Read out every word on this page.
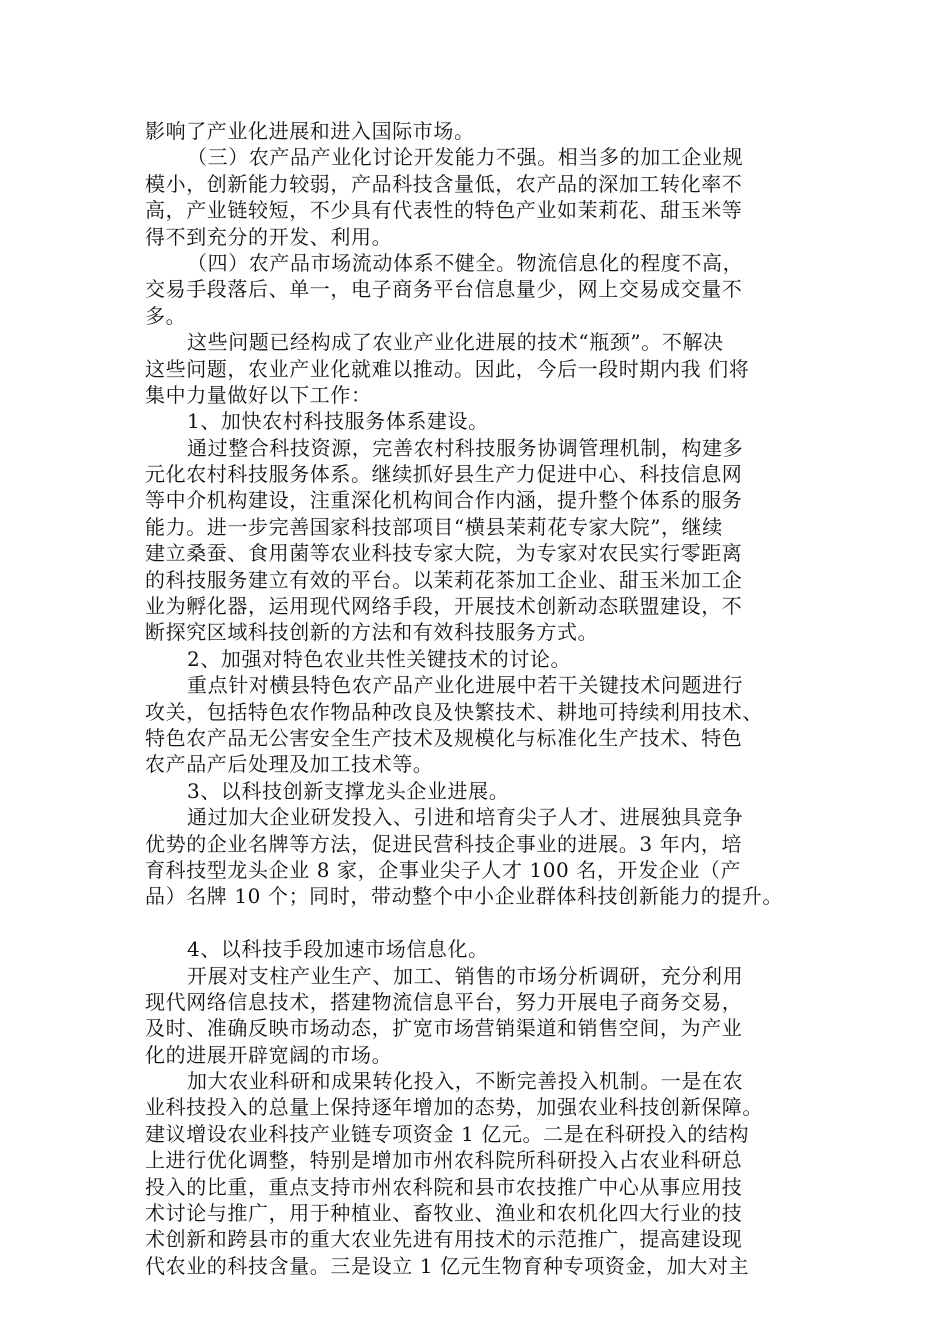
影响了产业化进展和进入国际市场。
（三）农产品产业化讨论开发能力不强。相当多的加工企业规
模小，创新能力较弱，产品科技含量低，农产品的深加工转化率不
高，产业链较短，不少具有代表性的特色产业如茉莉花、甜玉米等
得不到充分的开发、利用。
（四）农产品市场流动体系不健全。物流信息化的程度不高，
交易手段落后、单一，电子商务平台信息量少，网上交易成交量不
多。
这些问题已经构成了农业产业化进展的技术“瓶颈”。不解决
这些问题，农业产业化就难以推动。因此，今后一段时期内我 们将
集中力量做好以下工作：
1、加快农村科技服务体系建设。
通过整合科技资源，完善农村科技服务协调管理机制，构建多
元化农村科技服务体系。继续抓好县生产力促进中心、科技信息网
等中介机构建设，注重深化机构间合作内涵，提升整个体系的服务
能力。进一步完善国家科技部项目“横县茉莉花专家大院”，继续
建立桑蚕、食用菌等农业科技专家大院，为专家对农民实行零距离
的科技服务建立有效的平台。以茉莉花茶加工企业、甜玉米加工企
业为孵化器，运用现代网络手段，开展技术创新动态联盟建设，不
断探究区域科技创新的方法和有效科技服务方式。
2、加强对特色农业共性关键技术的讨论。
重点针对横县特色农产品产业化进展中若干关键技术问题进行
攻关，包括特色农作物品种改良及快繁技术、耕地可持续利用技术、
特色农产品无公害安全生产技术及规模化与标准化生产技术、特色
农产品产后处理及加工技术等。
3、以科技创新支撑龙头企业进展。
通过加大企业研发投入、引进和培育尖子人才、进展独具竞争
优势的企业名牌等方法，促进民营科技企事业的进展。3 年内，培
育科技型龙头企业 8 家，企事业尖子人才 100 名，开发企业（产
品）名牌 10 个；同时，带动整个中小企业群体科技创新能力的提升。
4、以科技手段加速市场信息化。
开展对支柱产业生产、加工、销售的市场分析调研，充分利用
现代网络信息技术，搭建物流信息平台，努力开展电子商务交易，
及时、准确反映市场动态，扩宽市场营销渠道和销售空间，为产业
化的进展开辟宽阔的市场。
加大农业科研和成果转化投入，不断完善投入机制。一是在农
业科技投入的总量上保持逐年增加的态势，加强农业科技创新保障。
建议增设农业科技产业链专项资金 1 亿元。二是在科研投入的结构
上进行优化调整，特别是增加市州农科院所科研投入占农业科研总
投入的比重，重点支持市州农科院和县市农技推广中心从事应用技
术讨论与推广，用于种植业、畜牧业、渔业和农机化四大行业的技
术创新和跨县市的重大农业先进有用技术的示范推广，提高建设现
代农业的科技含量。三是设立 1 亿元生物育种专项资金，加大对主
